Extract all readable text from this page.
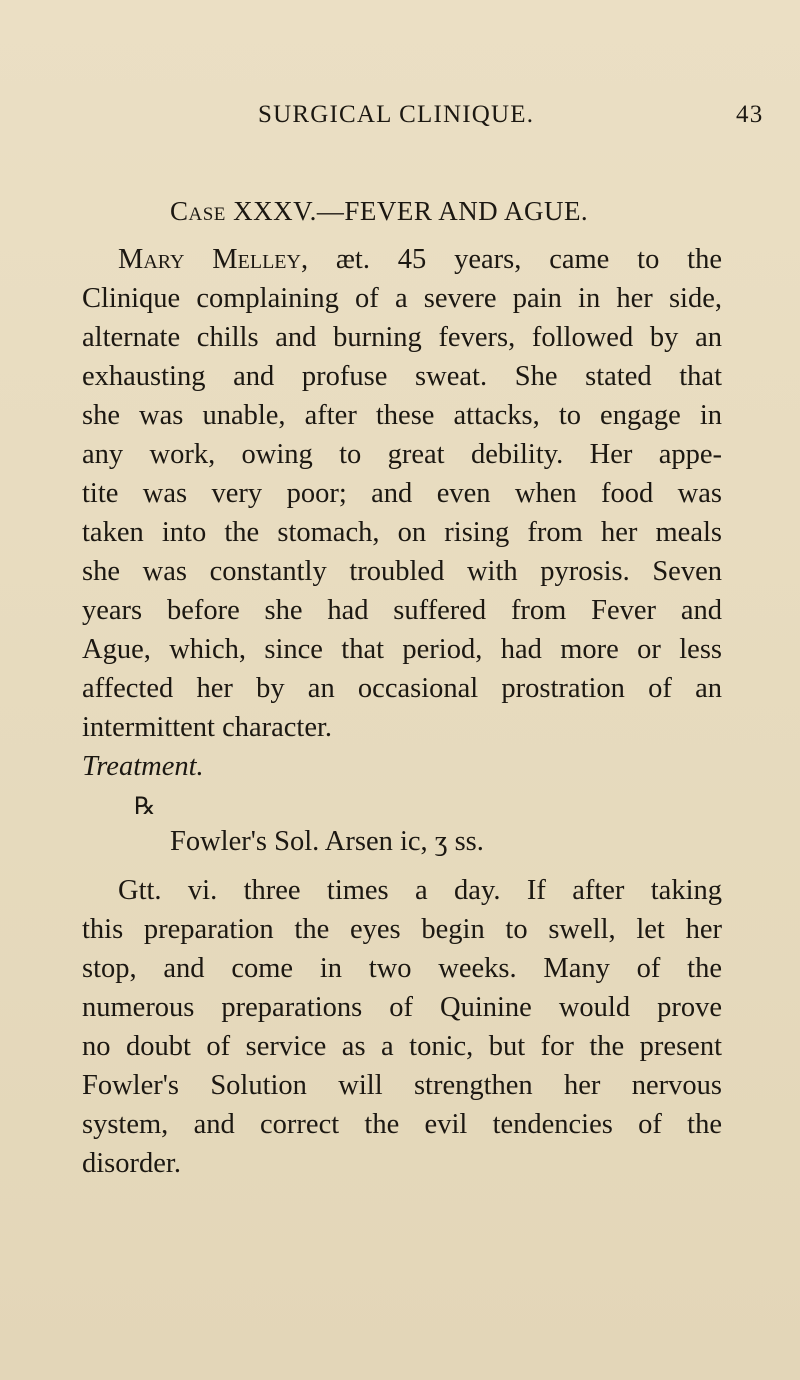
SURGICAL CLINIQUE.	43
Case XXXV.—FEVER AND AGUE.
Mary Melley, æt. 45 years, came to the
Clinique complaining of a severe pain in her side,
alternate chills and burning fevers, followed by an
exhausting and profuse sweat. She stated that
she was unable, after these attacks, to engage in
any work, owing to great debility. Her appe-
tite was very poor; and even when food was
taken into the stomach, on rising from her meals
she was constantly troubled with pyrosis. Seven
years before she had suffered from Fever and
Ague, which, since that period, had more or less
affected her by an occasional prostration of an
intermittent character.
Treatment.
℞
Fowler's Sol. Arsen ic, ʒ ss.
Gtt. vi. three times a day. If after taking
this preparation the eyes begin to swell, let her
stop, and come in two weeks. Many of the
numerous preparations of Quinine would prove
no doubt of service as a tonic, but for the present
Fowler's Solution will strengthen her nervous
system, and correct the evil tendencies of the
disorder.
